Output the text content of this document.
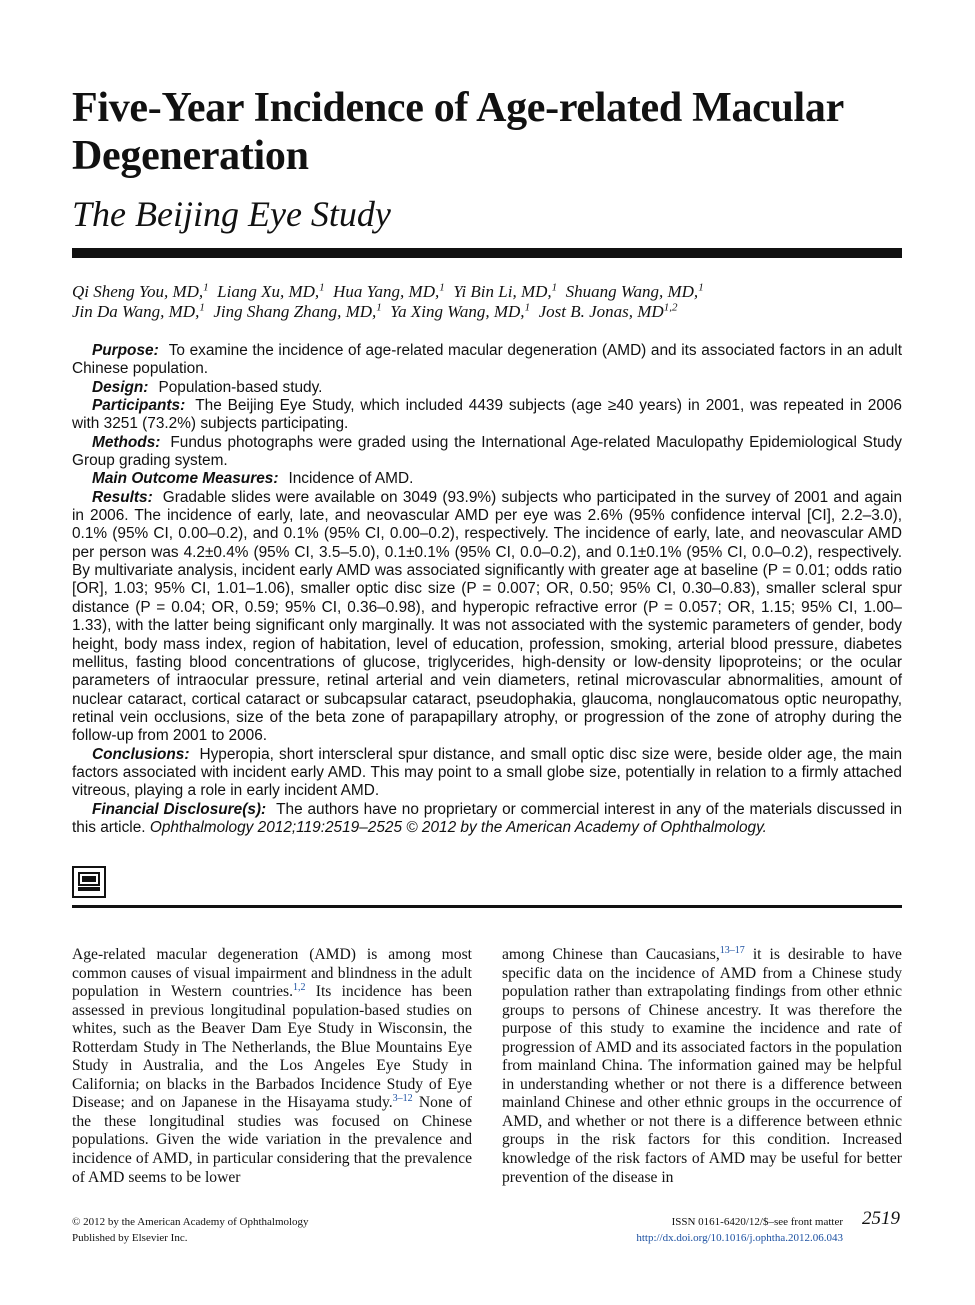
Five-Year Incidence of Age-related Macular Degeneration
The Beijing Eye Study
Qi Sheng You, MD,$^1$ Liang Xu, MD,$^1$ Hua Yang, MD,$^1$ Yi Bin Li, MD,$^1$ Shuang Wang, MD,$^1$
Jin Da Wang, MD,$^1$ Jing Shang Zhang, MD,$^1$ Ya Xing Wang, MD,$^1$ Jost B. Jonas, MD$^{1,2}$

Purpose: To examine the incidence of age-related macular degeneration (AMD) and its associated factors in an adult Chinese population.

Design: Population-based study.

Participants: The Beijing Eye Study, which included 4439 subjects (age ≥40 years) in 2001, was repeated in 2006 with 3251 (73.2%) subjects participating.

Methods: Fundus photographs were graded using the International Age-related Maculopathy Epidemiological Study Group grading system.

Main Outcome Measures: Incidence of AMD.

Results: Gradable slides were available on 3049 (93.9%) subjects who participated in the survey of 2001 and again in 2006. The incidence of early, late, and neovascular AMD per eye was 2.6% (95% confidence interval [CI], 2.2–3.0), 0.1% (95% CI, 0.00–0.2), and 0.1% (95% CI, 0.00–0.2), respectively. The incidence of early, late, and neovascular AMD per person was 4.2±0.4% (95% CI, 3.5–5.0), 0.1±0.1% (95% CI, 0.0–0.2), and 0.1±0.1% (95% CI, 0.0–0.2), respectively. By multivariate analysis, incident early AMD was associated significantly with greater age at baseline (P = 0.01; odds ratio [OR], 1.03; 95% CI, 1.01–1.06), smaller optic disc size (P = 0.007; OR, 0.50; 95% CI, 0.30–0.83), smaller scleral spur distance (P = 0.04; OR, 0.59; 95% CI, 0.36–0.98), and hyperopic refractive error (P = 0.057; OR, 1.15; 95% CI, 1.00–1.33), with the latter being significant only marginally. It was not associated with the systemic parameters of gender, body height, body mass index, region of habitation, level of education, profession, smoking, arterial blood pressure, diabetes mellitus, fasting blood concentrations of glucose, triglycerides, high-density or low-density lipoproteins; or the ocular parameters of intraocular pressure, retinal arterial and vein diameters, retinal microvascular abnormalities, amount of nuclear cataract, cortical cataract or subcapsular cataract, pseudophakia, glaucoma, nonglaucomatous optic neuropathy, retinal vein occlusions, size of the beta zone of parapapillary atrophy, or progression of the zone of atrophy during the follow-up from 2001 to 2006.

Conclusions: Hyperopia, short interscleral spur distance, and small optic disc size were, beside older age, the main factors associated with incident early AMD. This may point to a small globe size, potentially in relation to a firmly attached vitreous, playing a role in early incident AMD.

Financial Disclosure(s): The authors have no proprietary or commercial interest in any of the materials discussed in this article. Ophthalmology 2012;119:2519–2525 © 2012 by the American Academy of Ophthalmology.

Age-related macular degeneration (AMD) is among most common causes of visual impairment and blindness in the adult population in Western countries.$^{1,2}$ Its incidence has been assessed in previous longitudinal population-based studies on whites, such as the Beaver Dam Eye Study in Wisconsin, the Rotterdam Study in The Netherlands, the Blue Mountains Eye Study in Australia, and the Los Angeles Eye Study in California; on blacks in the Barbados Incidence Study of Eye Disease; and on Japanese in the Hisayama study.$^{3-12}$ None of the these longitudinal studies was focused on Chinese populations. Given the wide variation in the prevalence and incidence of AMD, in particular considering that the prevalence of AMD seems to be lower

among Chinese than Caucasians,$^{13-17}$ it is desirable to have specific data on the incidence of AMD from a Chinese study population rather than extrapolating findings from other ethnic groups to persons of Chinese ancestry. It was therefore the purpose of this study to examine the incidence and rate of progression of AMD and its associated factors in the population from mainland China. The information gained may be helpful in understanding whether or not there is a difference between mainland Chinese and other ethnic groups in the occurrence of AMD, and whether or not there is a difference between ethnic groups in the risk factors for this condition. Increased knowledge of the risk factors of AMD may be useful for better prevention of the disease in

© 2012 by the American Academy of Ophthalmology
Published by Elsevier Inc.
ISSN 0161-6420/12/$–see front matter
http://dx.doi.org/10.1016/j.ophtha.2012.06.043
2519
